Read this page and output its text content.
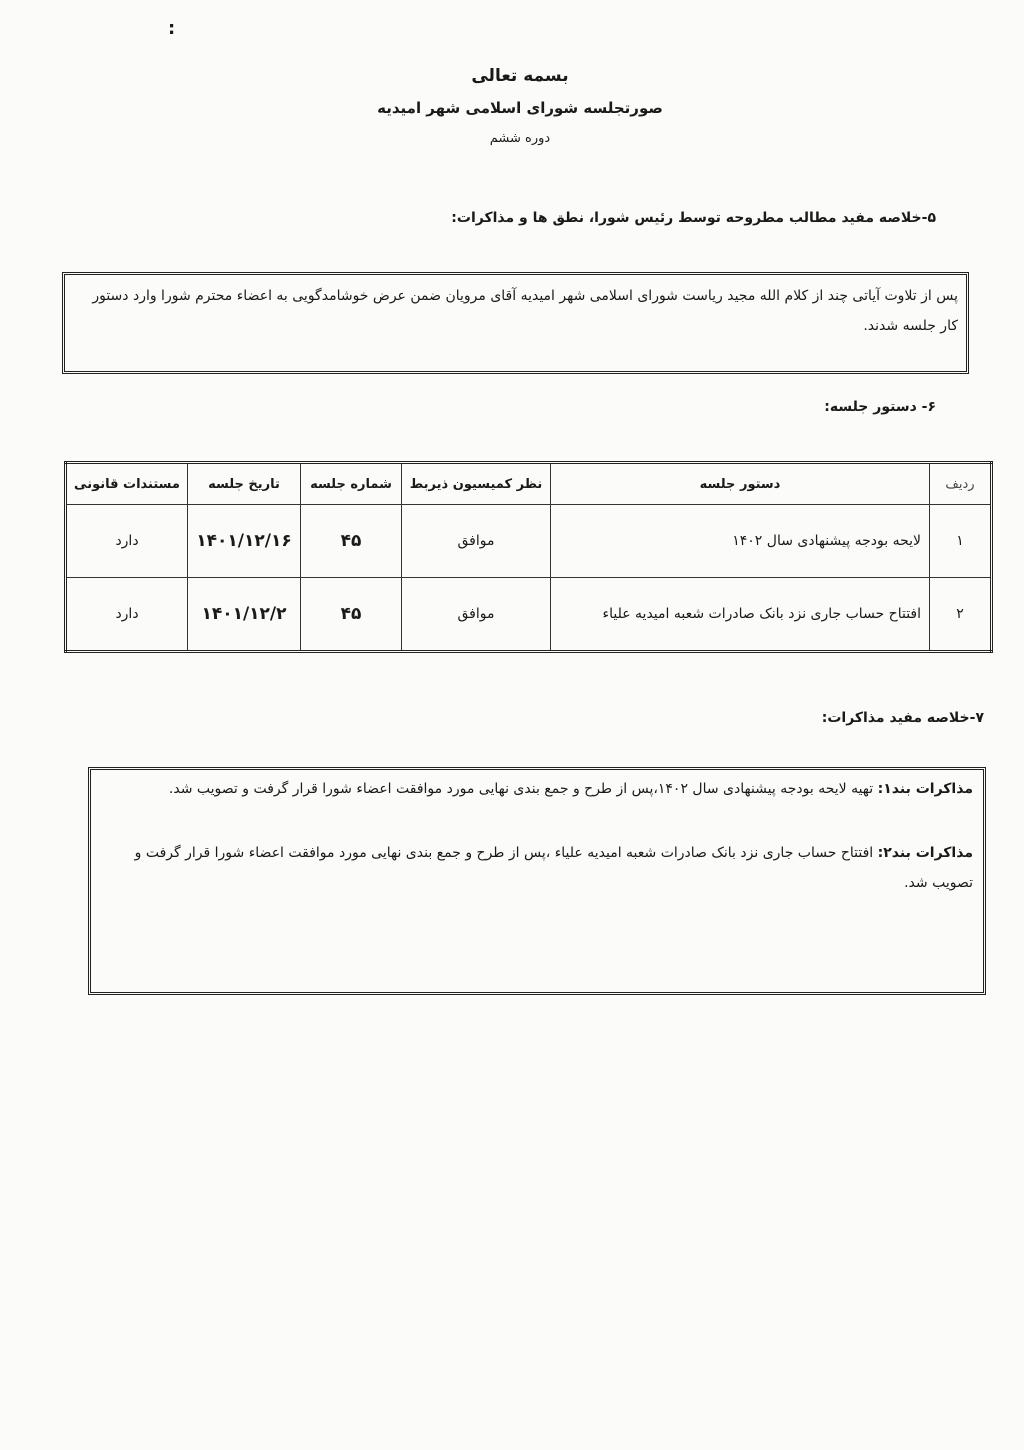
:
بسمه تعالی
صورتجلسه شورای اسلامی شهر امیدیه
دوره ششم
۵-خلاصه مفید مطالب مطروحه توسط رئیس شورا، نطق ها و مذاکرات:

پس از تلاوت آیاتی چند از کلام الله مجید ریاست شورای اسلامی شهر امیدیه آقای مرویان ضمن عرض خوشامدگویی به اعضاء محترم شورا وارد دستور کار جلسه شدند.

۶- دستور جلسه:
ردیف	دستور جلسه	نظر کمیسیون ذیربط	شماره جلسه	تاریخ جلسه	مستندات قانونی
۱	لایحه بودجه پیشنهادی سال ۱۴۰۲	موافق	۴۵	۱۴۰۱/۱۲/۱۶	دارد
۲	افتتاح حساب جاری نزد بانک صادرات شعبه امیدیه علیاء	موافق	۴۵	۱۴۰۱/۱۲/۲	دارد
۷-خلاصه مفید مذاکرات:

مذاکرات بند۱: تهیه لایحه بودجه پیشنهادی سال ۱۴۰۲،پس از طرح و جمع بندی نهایی مورد موافقت اعضاء شورا قرار گرفت و تصویب شد.

مذاکرات بند۲: افتتاح حساب جاری نزد بانک صادرات شعبه امیدیه علیاء ،پس از طرح و جمع بندی نهایی مورد موافقت اعضاء شورا قرار گرفت و تصویب شد.
